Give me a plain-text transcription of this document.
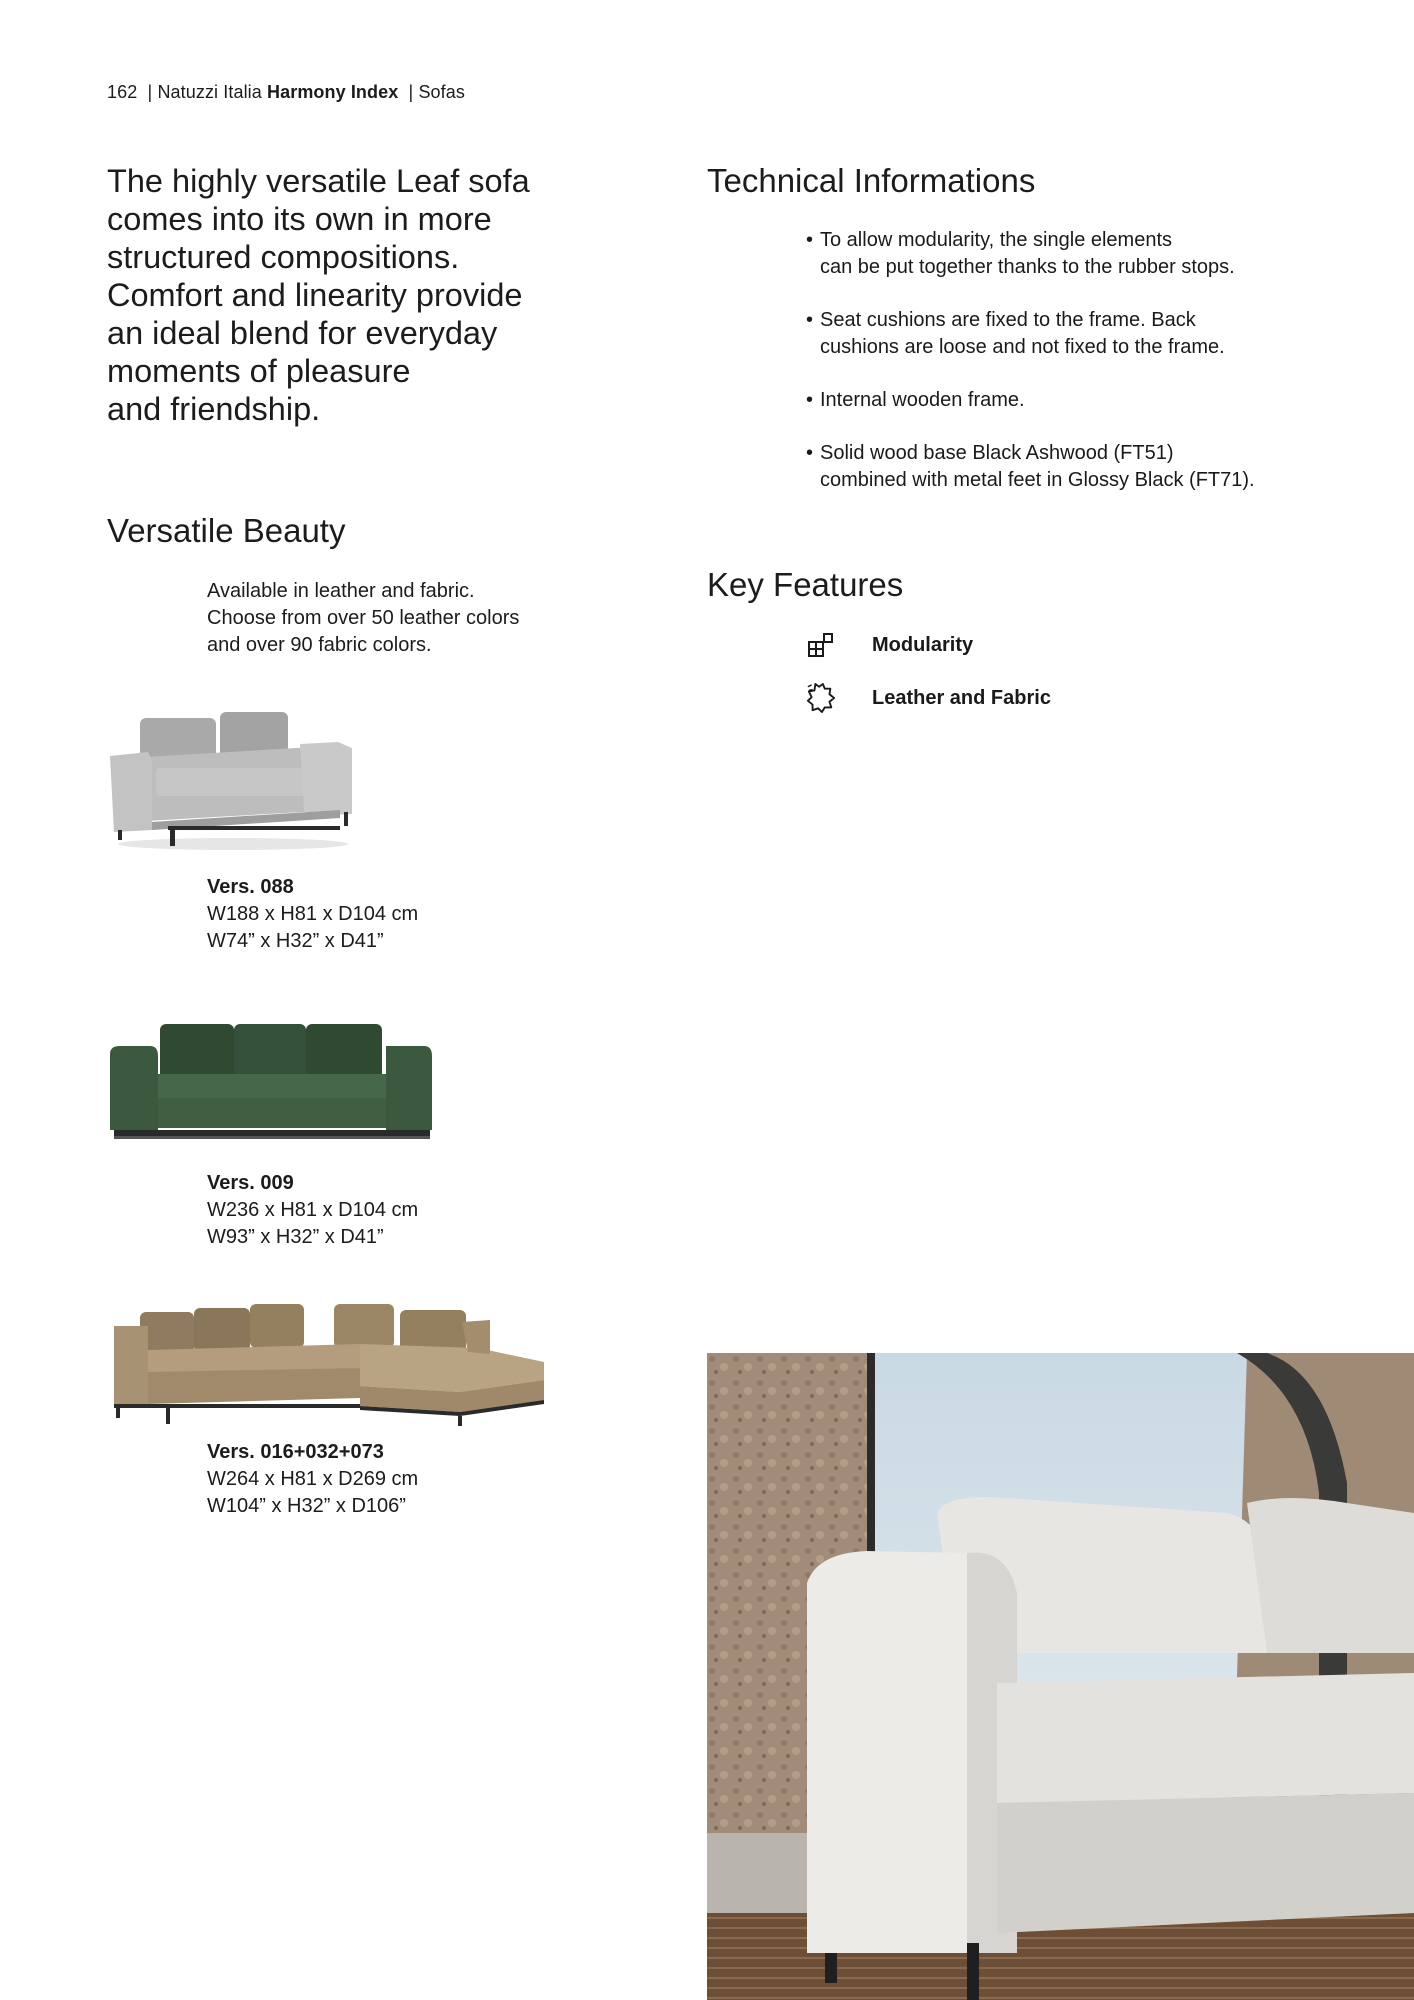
162  | Natuzzi Italia Harmony Index  | Sofas
The highly versatile Leaf sofa
comes into its own in more
structured compositions.
Comfort and linearity provide
an ideal blend for everyday
moments of pleasure
and friendship.
Versatile Beauty
Available in leather and fabric.
Choose from over 50 leather colors
and over 90 fabric colors.
Technical Informations
• To allow modularity, the single elements
can be put together thanks to the rubber stops.
• Seat cushions are fixed to the frame. Back
cushions are loose and not fixed to the frame.
• Internal wooden frame.
• Solid wood base Black Ashwood (FT51)
combined with metal feet in Glossy Black (FT71).
Key Features
Modularity
Leather and Fabric
Vers. 088
W188 x H81 x D104 cm
W74” x H32” x D41”
Vers. 009
W236 x H81 x D104 cm
W93” x H32” x D41”
Vers. 016+032+073
W264 x H81 x D269 cm
W104” x H32” x D106”
